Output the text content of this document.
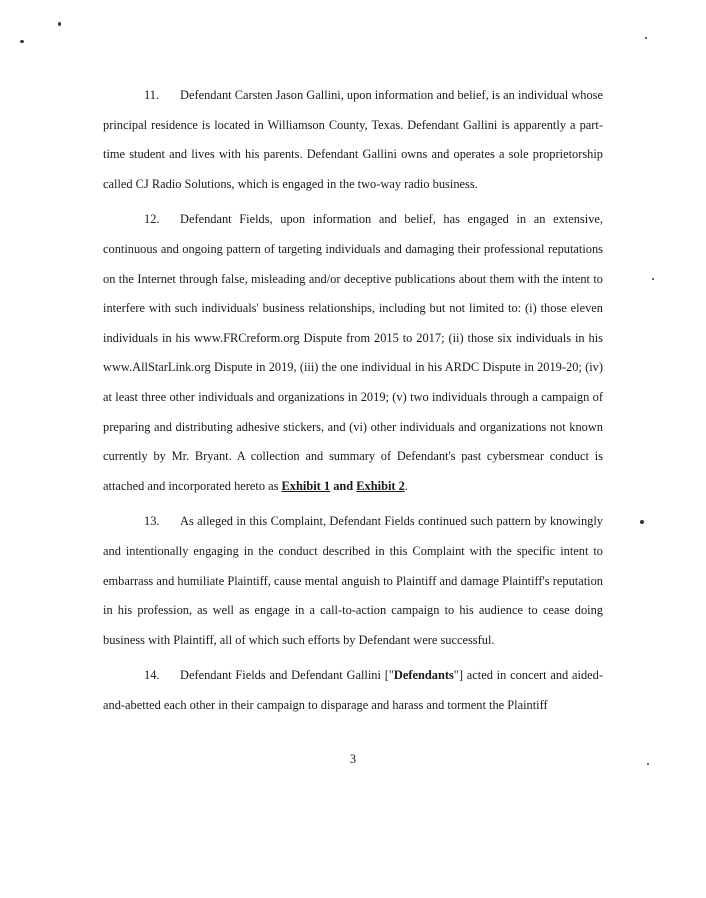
11. Defendant Carsten Jason Gallini, upon information and belief, is an individual whose principal residence is located in Williamson County, Texas. Defendant Gallini is apparently a part-time student and lives with his parents. Defendant Gallini owns and operates a sole proprietorship called CJ Radio Solutions, which is engaged in the two-way radio business.

12. Defendant Fields, upon information and belief, has engaged in an extensive, continuous and ongoing pattern of targeting individuals and damaging their professional reputations on the Internet through false, misleading and/or deceptive publications about them with the intent to interfere with such individuals' business relationships, including but not limited to: (i) those eleven individuals in his www.FRCreform.org Dispute from 2015 to 2017; (ii) those six individuals in his www.AllStarLink.org Dispute in 2019, (iii) the one individual in his ARDC Dispute in 2019-20; (iv) at least three other individuals and organizations in 2019; (v) two individuals through a campaign of preparing and distributing adhesive stickers, and (vi) other individuals and organizations not known currently by Mr. Bryant. A collection and summary of Defendant's past cybersmear conduct is attached and incorporated hereto as Exhibit 1 and Exhibit 2.

13. As alleged in this Complaint, Defendant Fields continued such pattern by knowingly and intentionally engaging in the conduct described in this Complaint with the specific intent to embarrass and humiliate Plaintiff, cause mental anguish to Plaintiff and damage Plaintiff's reputation in his profession, as well as engage in a call-to-action campaign to his audience to cease doing business with Plaintiff, all of which such efforts by Defendant were successful.

14. Defendant Fields and Defendant Gallini ["Defendants"] acted in concert and aided-and-abetted each other in their campaign to disparage and harass and torment the Plaintiff

3
